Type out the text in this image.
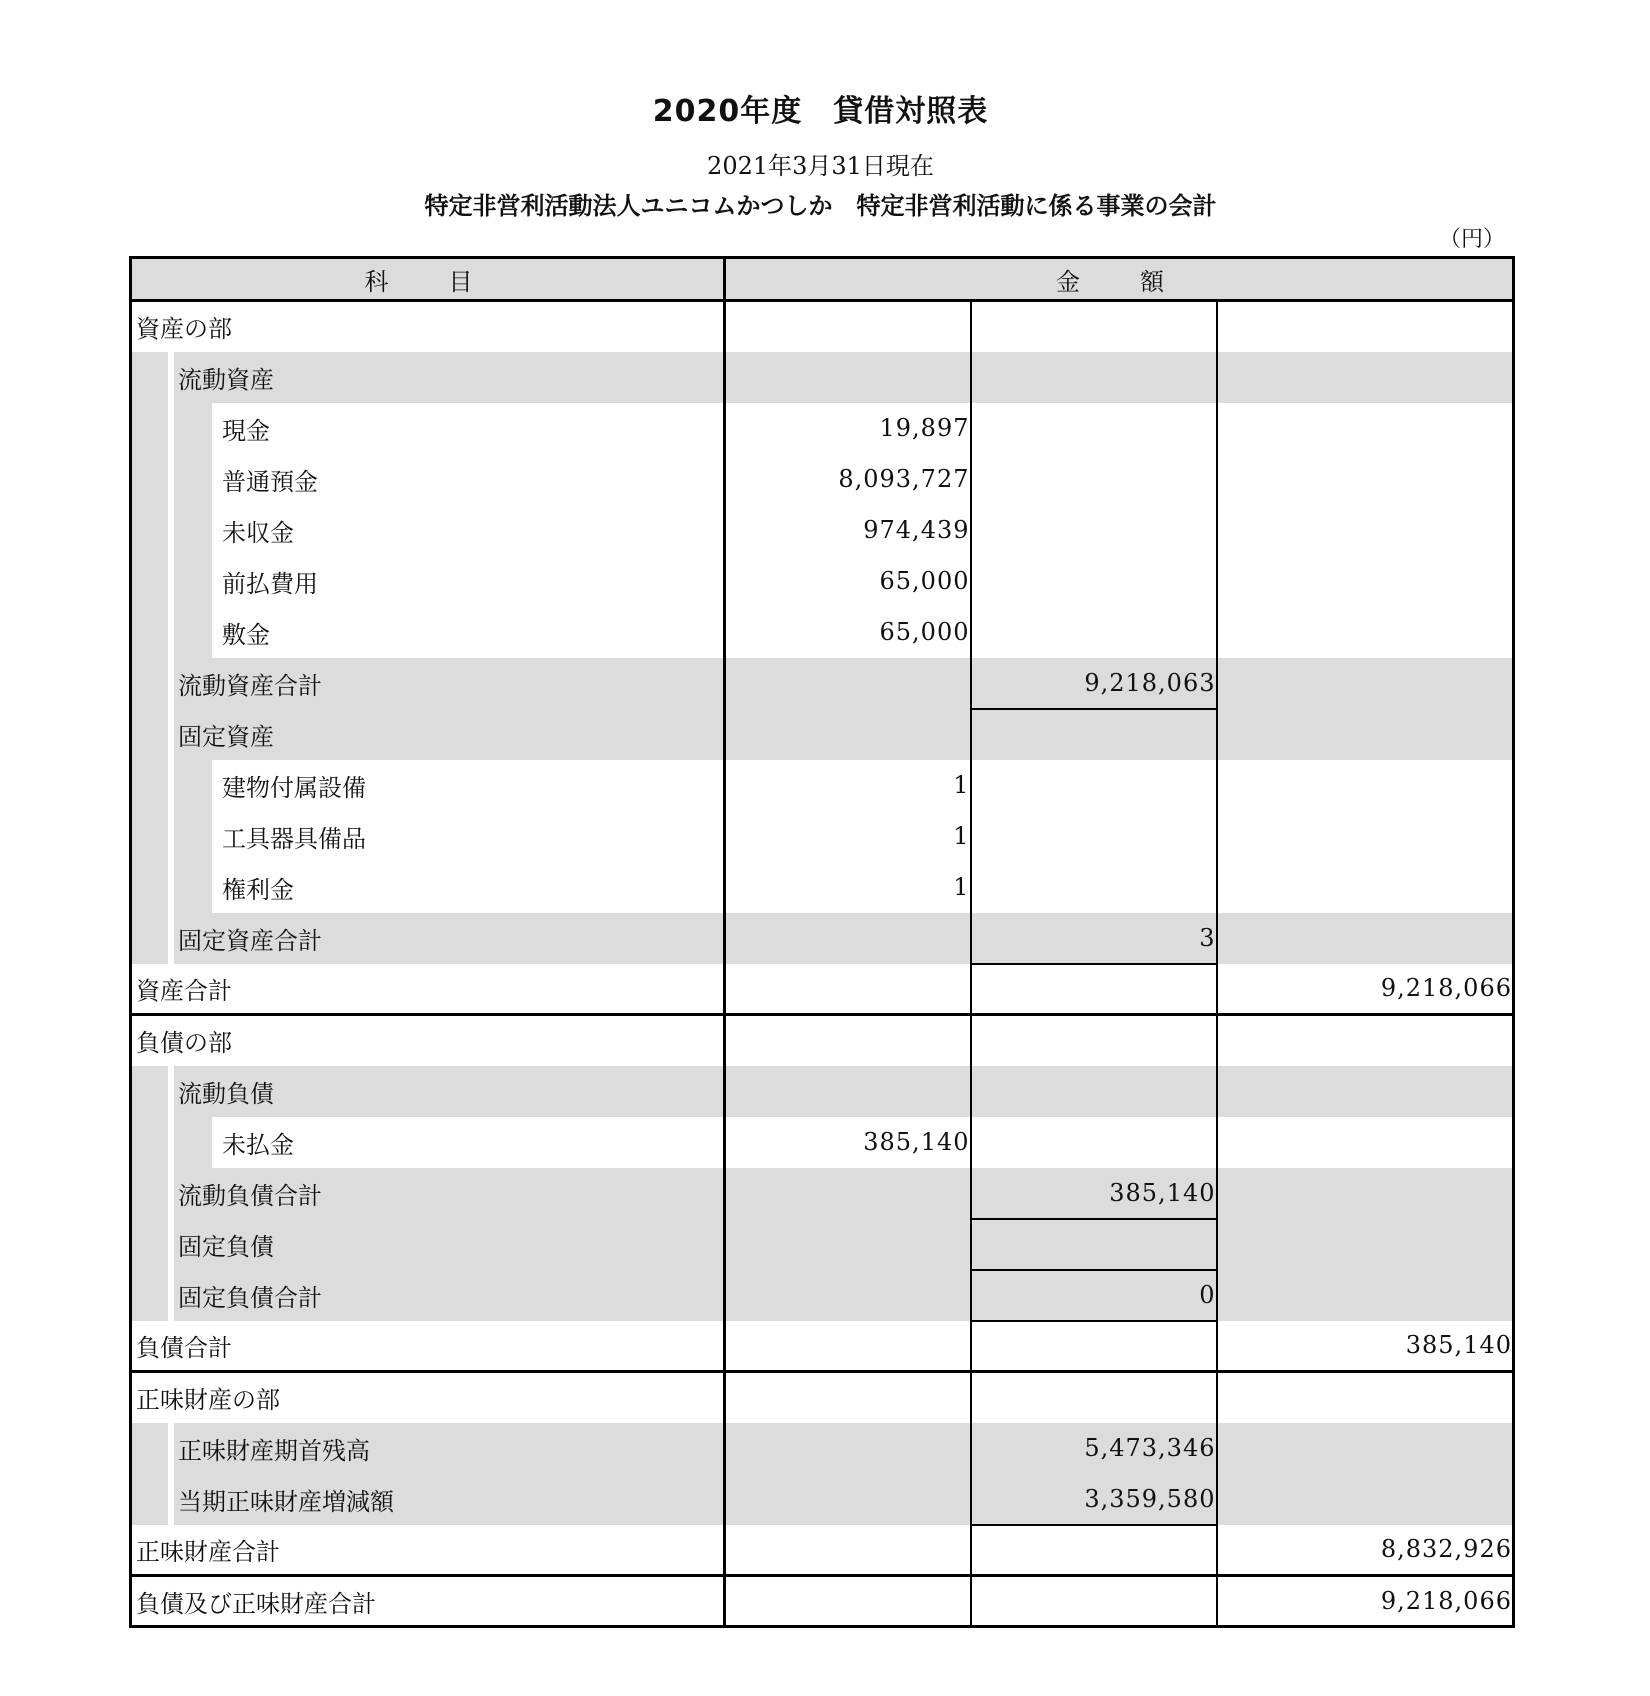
2020年度　貸借対照表
2021年3月31日現在
特定非営利活動法人ユニコムかつしか　特定非営利活動に係る事業の会計
（円）
科　目	金　額		

資産の部			

流動資産			

現金	19,897		

普通預金	8,093,727		

未収金	974,439		

前払費用	65,000		

敷金	65,000		

流動資産合計		9,218,063	

固定資産			

建物付属設備	1		

工具器具備品	1		

権利金	1		

固定資産合計		3	

資産合計			9,218,066

負債の部			

流動負債			

未払金	385,140		

流動負債合計		385,140	

固定負債			

固定負債合計		0	

負債合計			385,140

正味財産の部			

正味財産期首残高		5,473,346	

当期正味財産増減額		3,359,580	

正味財産合計			8,832,926

負債及び正味財産合計			9,218,066
